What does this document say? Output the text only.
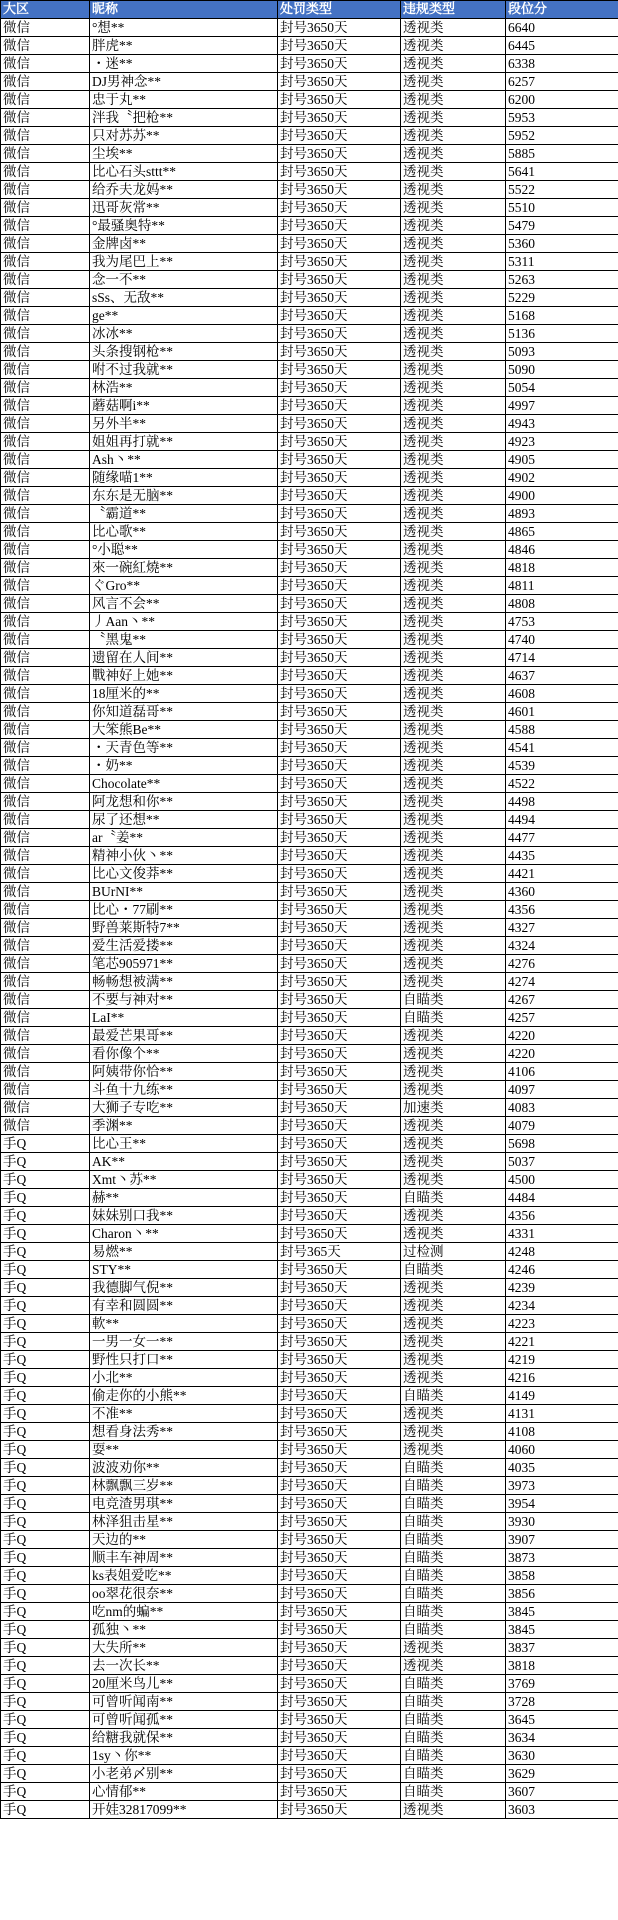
大区	昵称	处罚类型	违规类型	段位分
微信	°想**	封号3650天	透视类	6640
微信	胖虎**	封号3650天	透视类	6445
微信	・迷**	封号3650天	透视类	6338
微信	DJ男神念**	封号3650天	透视类	6257
微信	忠于丸**	封号3650天	透视类	6200
微信	泮我〝把枪**	封号3650天	透视类	5953
微信	只对苏苏**	封号3650天	透视类	5952
微信	尘埃**	封号3650天	透视类	5885
微信	比心石头sttt**	封号3650天	透视类	5641
微信	给乔夫龙妈**	封号3650天	透视类	5522
微信	迅哥灰常**	封号3650天	透视类	5510
微信	°最骚奥特**	封号3650天	透视类	5479
微信	金牌卤**	封号3650天	透视类	5360
微信	我为尾巴上**	封号3650天	透视类	5311
微信	念一不**	封号3650天	透视类	5263
微信	sSs、无敌**	封号3650天	透视类	5229
微信	ge**	封号3650天	透视类	5168
微信	冰冰**	封号3650天	透视类	5136
微信	头条搜钢枪**	封号3650天	透视类	5093
微信	咐不过我就**	封号3650天	透视类	5090
微信	林浩**	封号3650天	透视类	5054
微信	蘑菇啊i**	封号3650天	透视类	4997
微信	另外半**	封号3650天	透视类	4943
微信	姐姐再打就**	封号3650天	透视类	4923
微信	Ash丶**	封号3650天	透视类	4905
微信	随缘喵1**	封号3650天	透视类	4902
微信	东东是无脑**	封号3650天	透视类	4900
微信	〝霸道**	封号3650天	透视类	4893
微信	比心歌**	封号3650天	透视类	4865
微信	°小聪**	封号3650天	透视类	4846
微信	來一碗紅燒**	封号3650天	透视类	4818
微信	ぐGro**	封号3650天	透视类	4811
微信	风言不会**	封号3650天	透视类	4808
微信	丿Aan丶**	封号3650天	透视类	4753
微信	〝黑鬼**	封号3650天	透视类	4740
微信	遗留在人间**	封号3650天	透视类	4714
微信	戰神好上她**	封号3650天	透视类	4637
微信	18厘米的**	封号3650天	透视类	4608
微信	你知道磊哥**	封号3650天	透视类	4601
微信	大笨熊Be**	封号3650天	透视类	4588
微信	・天青色等**	封号3650天	透视类	4541
微信	・奶**	封号3650天	透视类	4539
微信	Chocolate**	封号3650天	透视类	4522
微信	阿龙想和你**	封号3650天	透视类	4498
微信	尿了还想**	封号3650天	透视类	4494
微信	ar〝姜**	封号3650天	透视类	4477
微信	精神小伙丶**	封号3650天	透视类	4435
微信	比心文俊莽**	封号3650天	透视类	4421
微信	BUrNI**	封号3650天	透视类	4360
微信	比心・77刷**	封号3650天	透视类	4356
微信	野兽莱斯特7**	封号3650天	透视类	4327
微信	爱生活爱搂**	封号3650天	透视类	4324
微信	笔芯905971**	封号3650天	透视类	4276
微信	畅畅想被满**	封号3650天	透视类	4274
微信	不要与神对**	封号3650天	自瞄类	4267
微信	LaI**	封号3650天	自瞄类	4257
微信	最爱芒果哥**	封号3650天	透视类	4220
微信	看你像个**	封号3650天	透视类	4220
微信	阿姨带你恰**	封号3650天	透视类	4106
微信	斗鱼十九练**	封号3650天	透视类	4097
微信	大狮子专吃**	封号3650天	加速类	4083
微信	季渊**	封号3650天	透视类	4079
手Q	比心王**	封号3650天	透视类	5698
手Q	AK**	封号3650天	透视类	5037
手Q	Xmt丶苏**	封号3650天	透视类	4500
手Q	赫**	封号3650天	自瞄类	4484
手Q	妹妹别口我**	封号3650天	透视类	4356
手Q	Charon丶**	封号3650天	透视类	4331
手Q	易燃**	封号365天	过检测	4248
手Q	STY**	封号3650天	自瞄类	4246
手Q	我德脚气倪**	封号3650天	透视类	4239
手Q	有幸和圆圆**	封号3650天	透视类	4234
手Q	軟**	封号3650天	透视类	4223
手Q	一男一女一**	封号3650天	透视类	4221
手Q	野性只打口**	封号3650天	透视类	4219
手Q	小北**	封号3650天	透视类	4216
手Q	偷走你的小熊**	封号3650天	自瞄类	4149
手Q	不准**	封号3650天	透视类	4131
手Q	想看身法秀**	封号3650天	透视类	4108
手Q	耍**	封号3650天	透视类	4060
手Q	波波劝你**	封号3650天	自瞄类	4035
手Q	林飘飘三岁**	封号3650天	自瞄类	3973
手Q	电竞渣男琪**	封号3650天	自瞄类	3954
手Q	林泽狙击星**	封号3650天	自瞄类	3930
手Q	天边的**	封号3650天	自瞄类	3907
手Q	顺丰车神周**	封号3650天	自瞄类	3873
手Q	ks表姐爱吃**	封号3650天	自瞄类	3858
手Q	oo翠花很奈**	封号3650天	自瞄类	3856
手Q	吃nm的蝙**	封号3650天	自瞄类	3845
手Q	孤独丶**	封号3650天	自瞄类	3845
手Q	大失所**	封号3650天	透视类	3837
手Q	去一次长**	封号3650天	透视类	3818
手Q	20厘米鸟儿**	封号3650天	自瞄类	3769
手Q	可曾听闻南**	封号3650天	自瞄类	3728
手Q	可曾听闻孤**	封号3650天	自瞄类	3645
手Q	给糖我就保**	封号3650天	自瞄类	3634
手Q	1sy丶你**	封号3650天	自瞄类	3630
手Q	小老弟〆别**	封号3650天	自瞄类	3629
手Q	心情郁**	封号3650天	自瞄类	3607
手Q	开娃32817099**	封号3650天	透视类	3603
